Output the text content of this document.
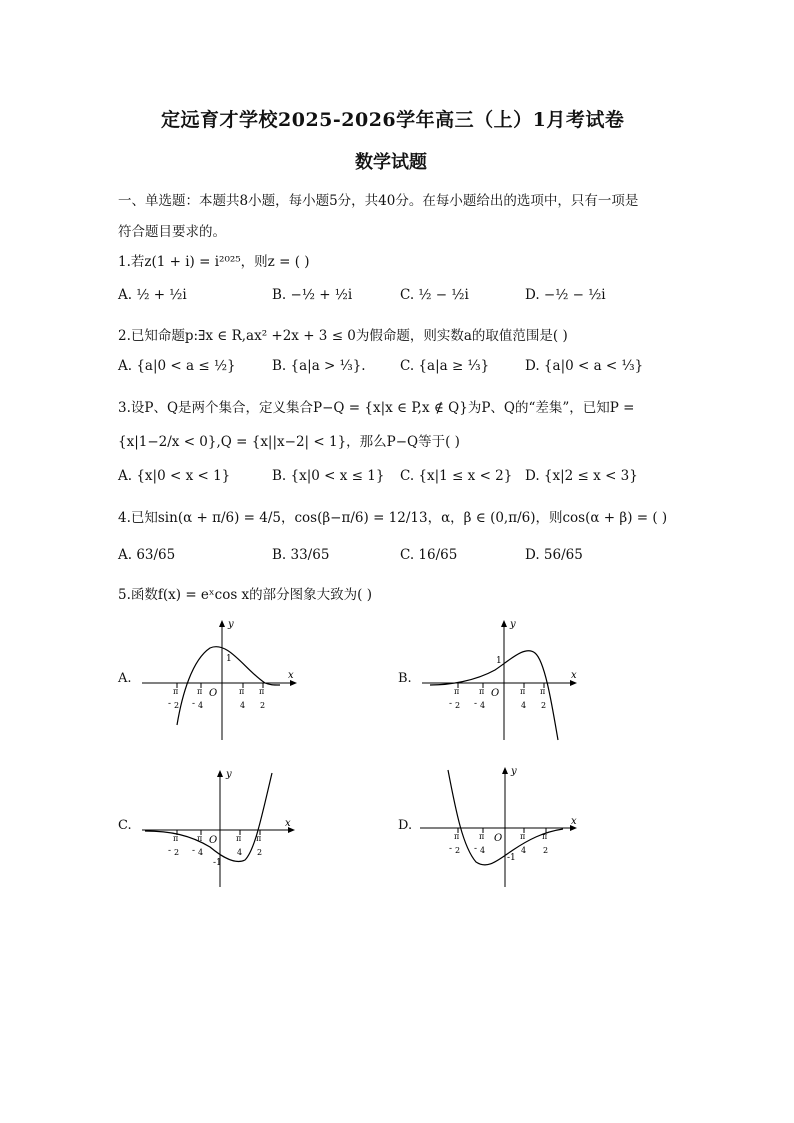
定远育才学校2025-2026学年高三（上）1月考试卷
数学试题
一、单选题：本题共8小题，每小题5分，共40分。在每小题给出的选项中，只有一项是
符合题目要求的。
1.若z(1 + i) = i²⁰²⁵，则z = ( )
A. ½ + ½i	B. −½ + ½i	C. ½ − ½i	D. −½ − ½i
2.已知命题p:∃x ∈ R,ax² +2x + 3 ≤ 0为假命题，则实数a的取值范围是( )
A. {a|0 < a ≤ ½}	B. {a|a > ⅓}.	C. {a|a ≥ ⅓}	D. {a|0 < a < ⅓}
3.设P、Q是两个集合，定义集合P−Q = {x|x ∈ P,x ∉ Q}为P、Q的“差集”，已知P =
{x|1−2/x < 0},Q = {x||x−2| < 1}，那么P−Q等于( )
A. {x|0 < x < 1}	B. {x|0 < x ≤ 1} C. {x|1 ≤ x < 2} D. {x|2 ≤ x < 3}
4.已知sin(α + π/6) = 4/5，cos(β−π/6) = 12/13，α，β ∈ (0,π/6)，则cos(α + β) = ( )
A. 63/65	B. 33/65	C. 16/65	D. 56/65
5.函数f(x) = eˣcos x的部分图象大致为( )
A.	B.
C.	D.
y
x
O
1
π
- 2
π
- 4
π
4
π
2
y
x
O
1
π
- 2
π
- 4
π
4
π
2
y
x
O
-1
π
- 2
π
- 4
π
4
π
2
y
x
O
-1
π
- 2
π
- 4
π
4
π
2
